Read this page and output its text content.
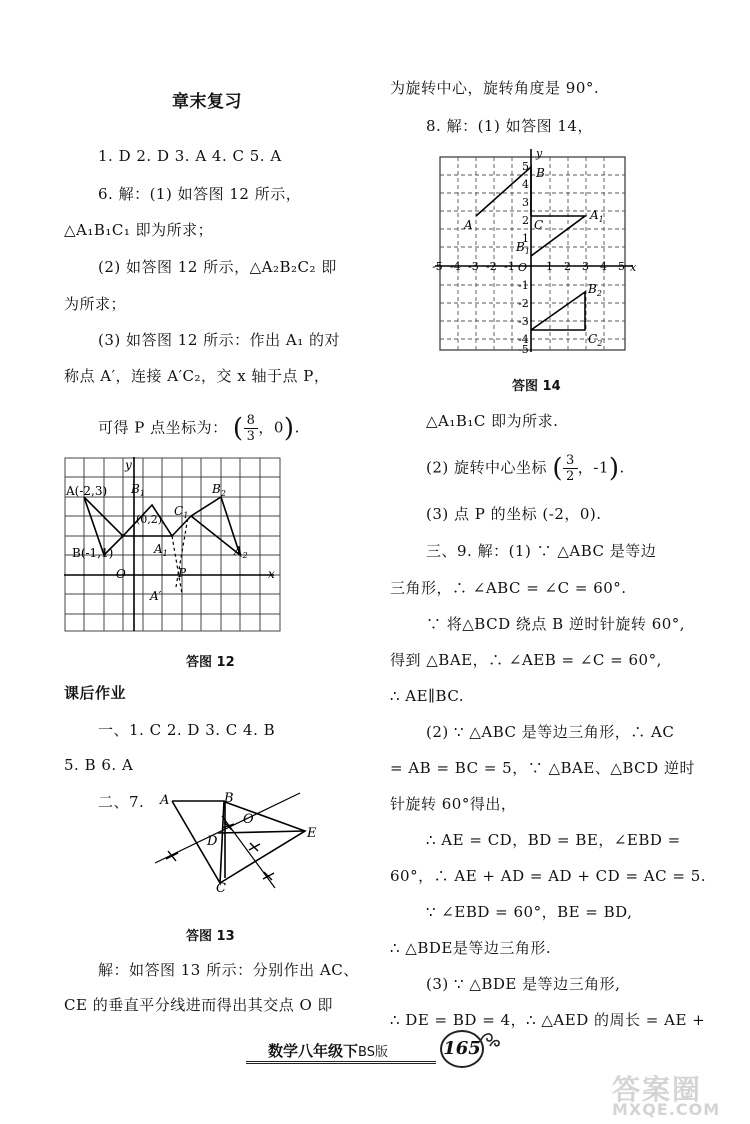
章末复习
1. D 2. D 3. A 4. C 5. A
6. 解：(1) 如答图 12 所示，
△A₁B₁C₁ 即为所求；
(2) 如答图 12 所示，△A₂B₂C₂ 即
为所求；
(3) 如答图 12 所示：作出 A₁ 的对
称点 A′，连接 A′C₂，交 x 轴于点 P，
可得 P 点坐标为： ($\frac{8}{3}$，0).
y
x
A(-2,3) $B_1$
$C_1$
$B_2$
(0,2)
B(-1,1)	$A_1$	$A_2$
O	P
A′
答图 12
课后作业
一、1. C 2. D 3. C 4. B
5. B 6. A
二、7. A	B
O
D
E
C
答图 13
解：如答图 13 所示：分别作出 AC、
CE 的垂直平分线进而得出其交点 O 即
为旋转中心，旋转角度是 90°.
8. 解：(1) 如答图 14，
y
x
B
A	C
$B_1$
$A_1$
O
$B_2$
$C_2$
5
4
3
2
1
-1
-2
-3
-4
-5
-5 -4 -3 -2 -1	1 2 3 4 5
答图 14
△A₁B₁C 即为所求.
(2) 旋转中心坐标 ($\frac{3}{2}$，-1).
(3) 点 P 的坐标 (-2，0).
三、9. 解：(1) ∵ △ABC 是等边
三角形，∴ ∠ABC = ∠C = 60°.
∵ 将△BCD 绕点 B 逆时针旋转 60°,
得到 △BAE，∴ ∠AEB = ∠C = 60°,
∴ AE∥BC.
(2) ∵ △ABC 是等边三角形，∴ AC
= AB = BC = 5，∵ △BAE、△BCD 逆时
针旋转 60°得出，
∴ AE = CD，BD = BE，∠EBD =
60°，∴ AE + AD = AD + CD = AC = 5.
∵ ∠EBD = 60°，BE = BD,
∴ △BDE是等边三角形.
(3) ∵ △BDE 是等边三角形,
∴ DE = BD = 4，∴ △AED 的周长 = AE +
数学八年级下BS版	165
答案圈
MXQE.COM
